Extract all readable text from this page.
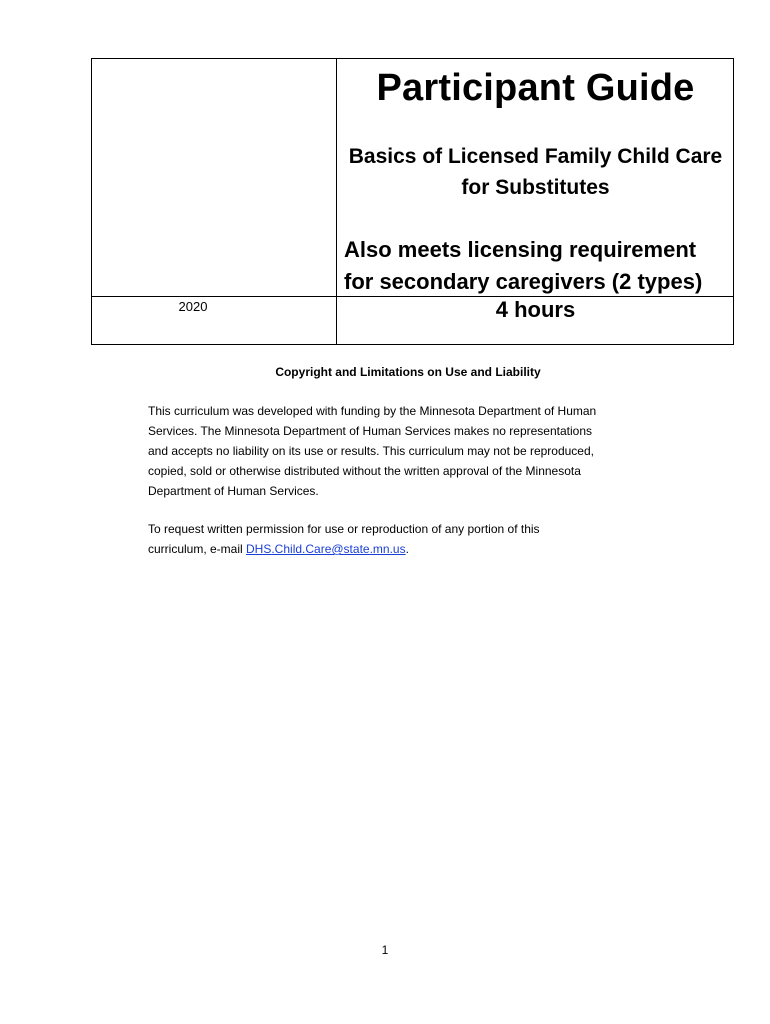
Participant Guide
Basics of Licensed Family Child Care
for Substitutes
Also meets licensing requirement
for secondary caregivers (2 types)
2020	4 hours
Copyright and Limitations on Use and Liability
This curriculum was developed with funding by the Minnesota Department of Human
Services. The Minnesota Department of Human Services makes no representations
and accepts no liability on its use or results. This curriculum may not be reproduced,
copied, sold or otherwise distributed without the written approval of the Minnesota
Department of Human Services.
To request written permission for use or reproduction of any portion of this
curriculum, e-mail DHS.Child.Care@state.mn.us.
1
